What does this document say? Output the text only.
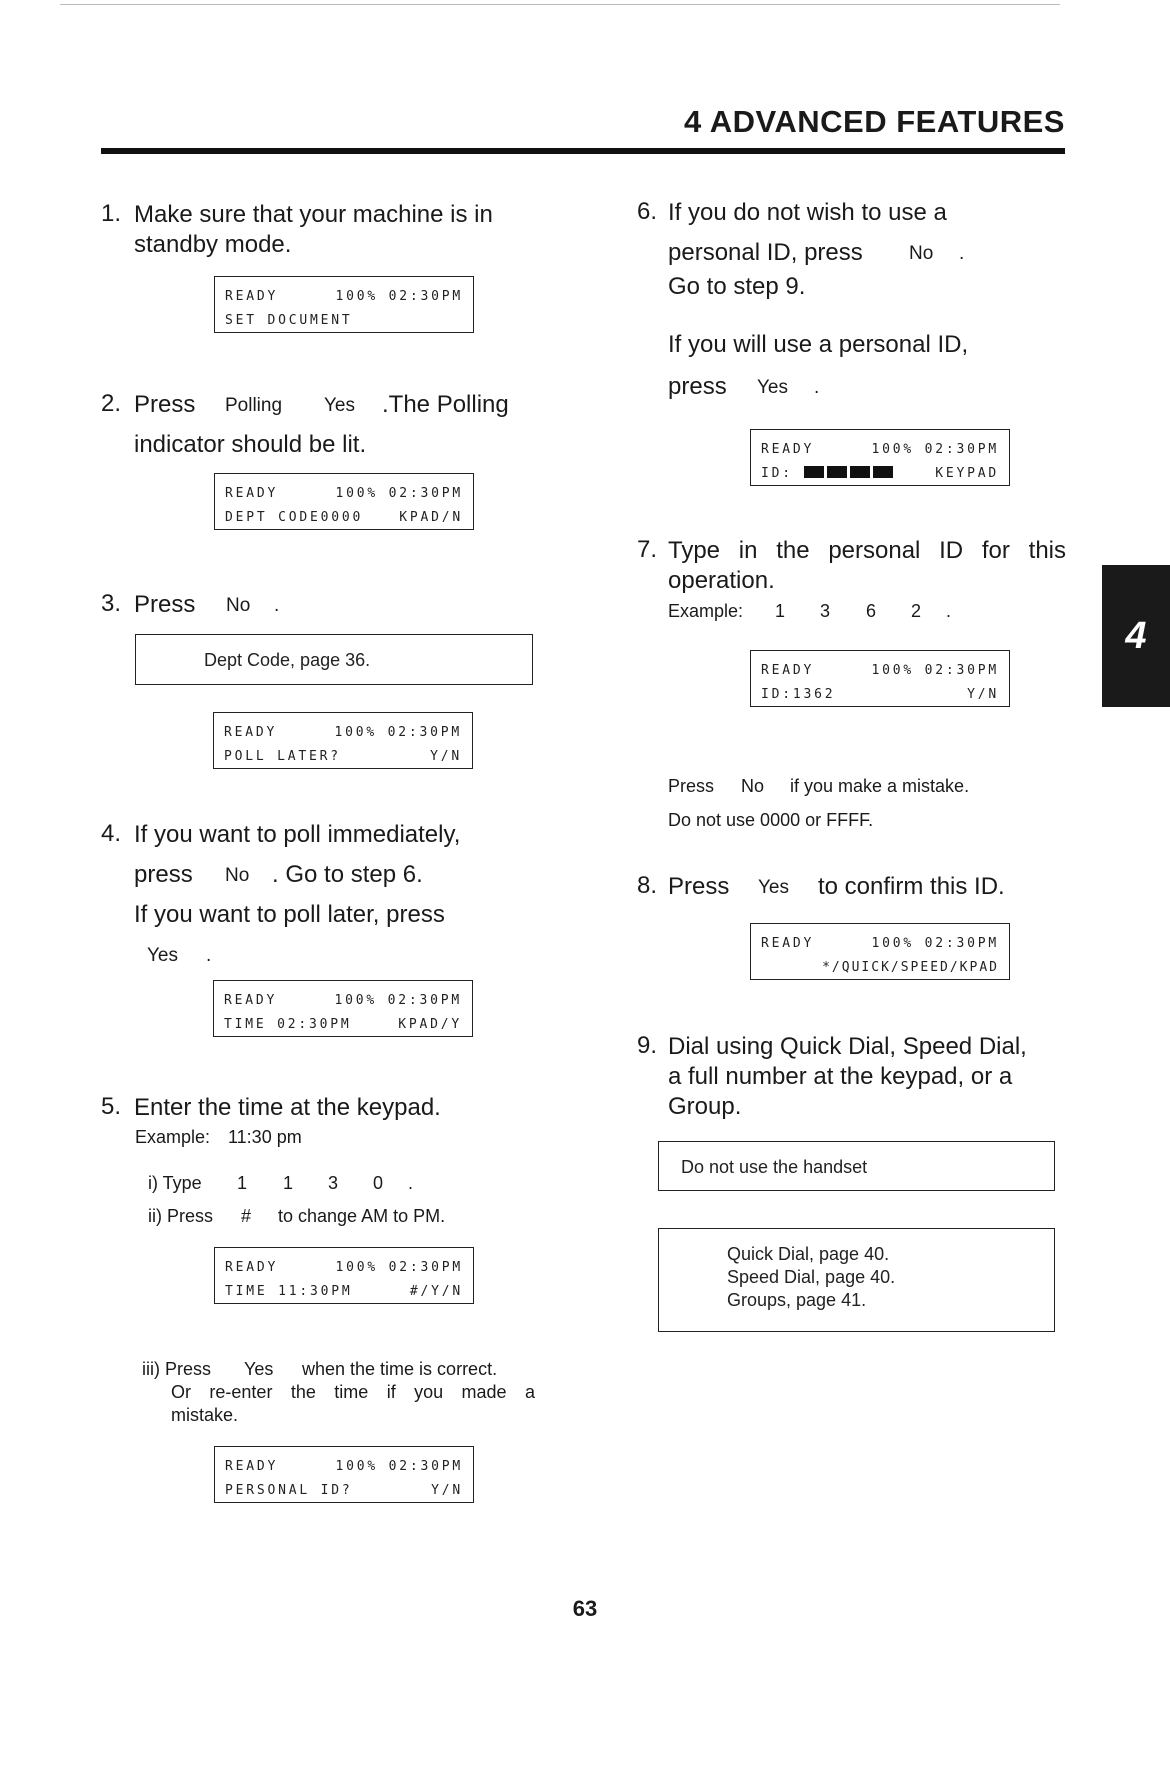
4 ADVANCED FEATURES
4
1. Make sure that your machine is in
standby mode.
READY	100% 02:30PM
SET DOCUMENT
2. Press Polling Yes .The Polling
indicator should be lit.
READY	100% 02:30PM
DEPT CODE0000	KPAD/N
3. Press No .
Dept Code, page 36.
READY	100% 02:30PM
POLL LATER?	Y/N
4. If you want to poll immediately,
press No . Go to step 6.
If you want to poll later, press
Yes .
READY	100% 02:30PM
TIME 02:30PM	KPAD/Y
5. Enter the time at the keypad.
Example: 11:30 pm
i) Type 1 1 3 0 .
ii) Press # to change AM to PM.
READY	100% 02:30PM
TIME 11:30PM	#/Y/N
iii) Press Yes when the time is correct.
Or re-enter the time if you made a
mistake.
READY	100% 02:30PM
PERSONAL ID?	Y/N
6. If you do not wish to use a
personal ID, press No .
Go to step 9.
If you will use a personal ID,
press Yes .
READY	100% 02:30PM
ID:	KEYPAD
7. Type in the personal ID for this
operation.
Example: 1 3 6 2 .
READY	100% 02:30PM
ID:1362	Y/N
Press No if you make a mistake.
Do not use 0000 or FFFF.
8. Press Yes to confirm this ID.
READY	100% 02:30PM
*/QUICK/SPEED/KPAD
9. Dial using Quick Dial, Speed Dial,
a full number at the keypad, or a
Group.
Do not use the handset
Quick Dial, page 40.
Speed Dial, page 40.
Groups, page 41.
63
